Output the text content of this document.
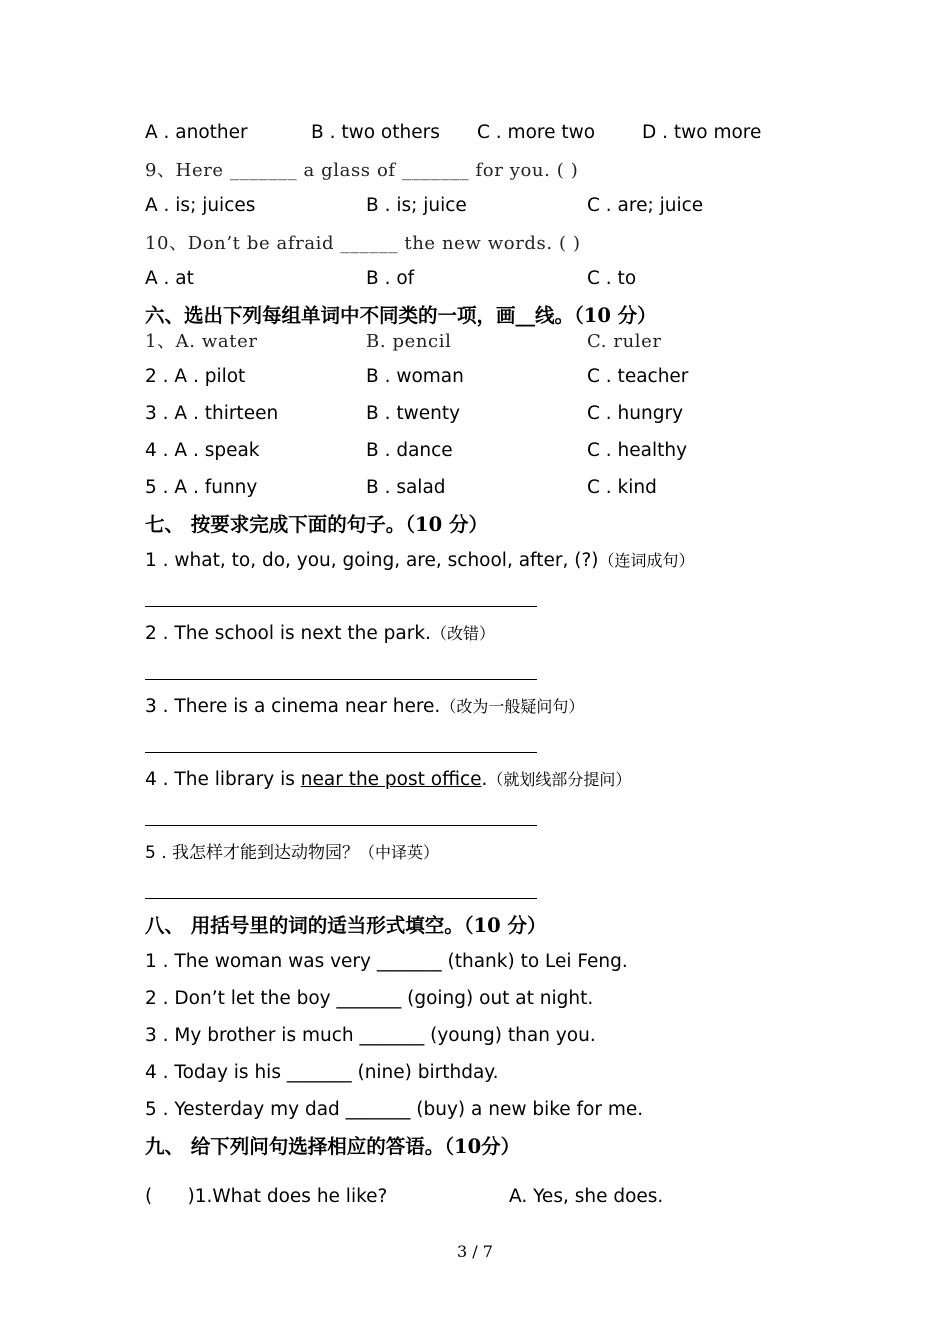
A . another	B . two others C . more two	D . two more
9、Here _______ a glass of _______ for you. ( )
A . is; juices	B . is; juice	C . are; juice
10、Don’t be afraid ______ the new words. ( )
A . at	B . of	C . to
六、选出下列每组单词中不同类的一项，画__线。（10 分）
1、A. water	B. pencil	C. ruler
2 . A . pilot	B . woman	C . teacher
3 . A . thirteen	B . twenty	C . hungry
4 . A . speak	B . dance	C . healthy
5 . A . funny	B . salad	C . kind
七、 按要求完成下面的句子。（10 分）
1 . what, to, do, you, going, are, school, after, (?)（连词成句）
2 . The school is next the park.（改错）
3 . There is a cinema near here.（改为一般疑问句）
4 . The library is near the post office.（就划线部分提问）
5 . 我怎样才能到达动物园？（中译英）
八、 用括号里的词的适当形式填空。（10 分）
1 . The woman was very _______ (thank) to Lei Feng.
2 . Don’t let the boy _______ (going) out at night.
3 . My brother is much _______ (young) than you.
4 . Today is his _______ (nine) birthday.
5 . Yesterday my dad _______ (buy) a new bike for me.
九、 给下列问句选择相应的答语。（10分）
(      )1.What does he like?	A. Yes, she does.
3 / 7
